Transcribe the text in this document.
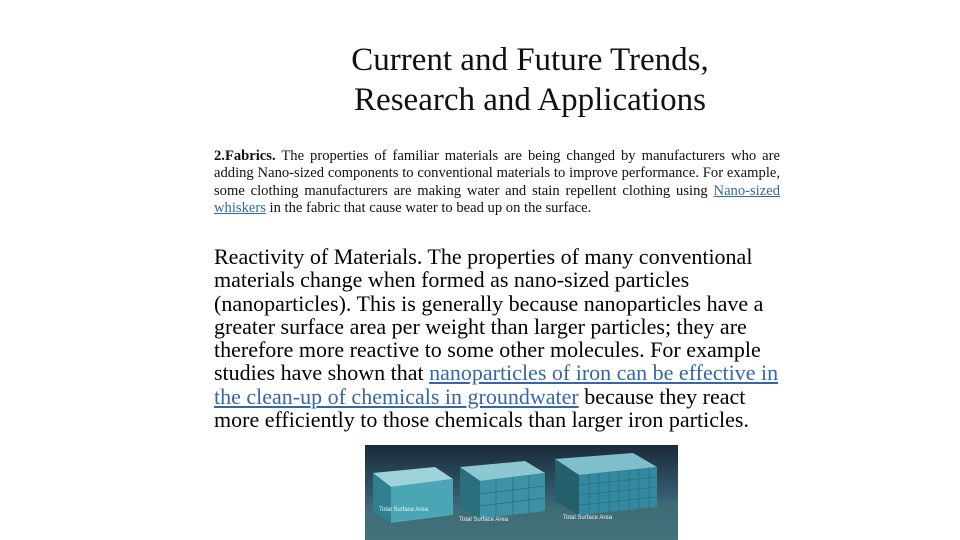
Current and Future Trends,
Research and Applications
2.Fabrics. The properties of familiar materials are being changed by manufacturers who are adding Nano-sized components to conventional materials to improve performance. For example, some clothing manufacturers are making water and stain repellent clothing using Nano-sized whiskers in the fabric that cause water to bead up on the surface.
Reactivity of Materials. The properties of many conventional materials change when formed as nano-sized particles (nanoparticles). This is generally because nanoparticles have a greater surface area per weight than larger particles; they are therefore more reactive to some other molecules. For example studies have shown that nanoparticles of iron can be effective in the clean-up of chemicals in groundwater because they react more efficiently to those chemicals than larger iron particles.
Total Surface Area
Total Surface Area	Total Surface Area
